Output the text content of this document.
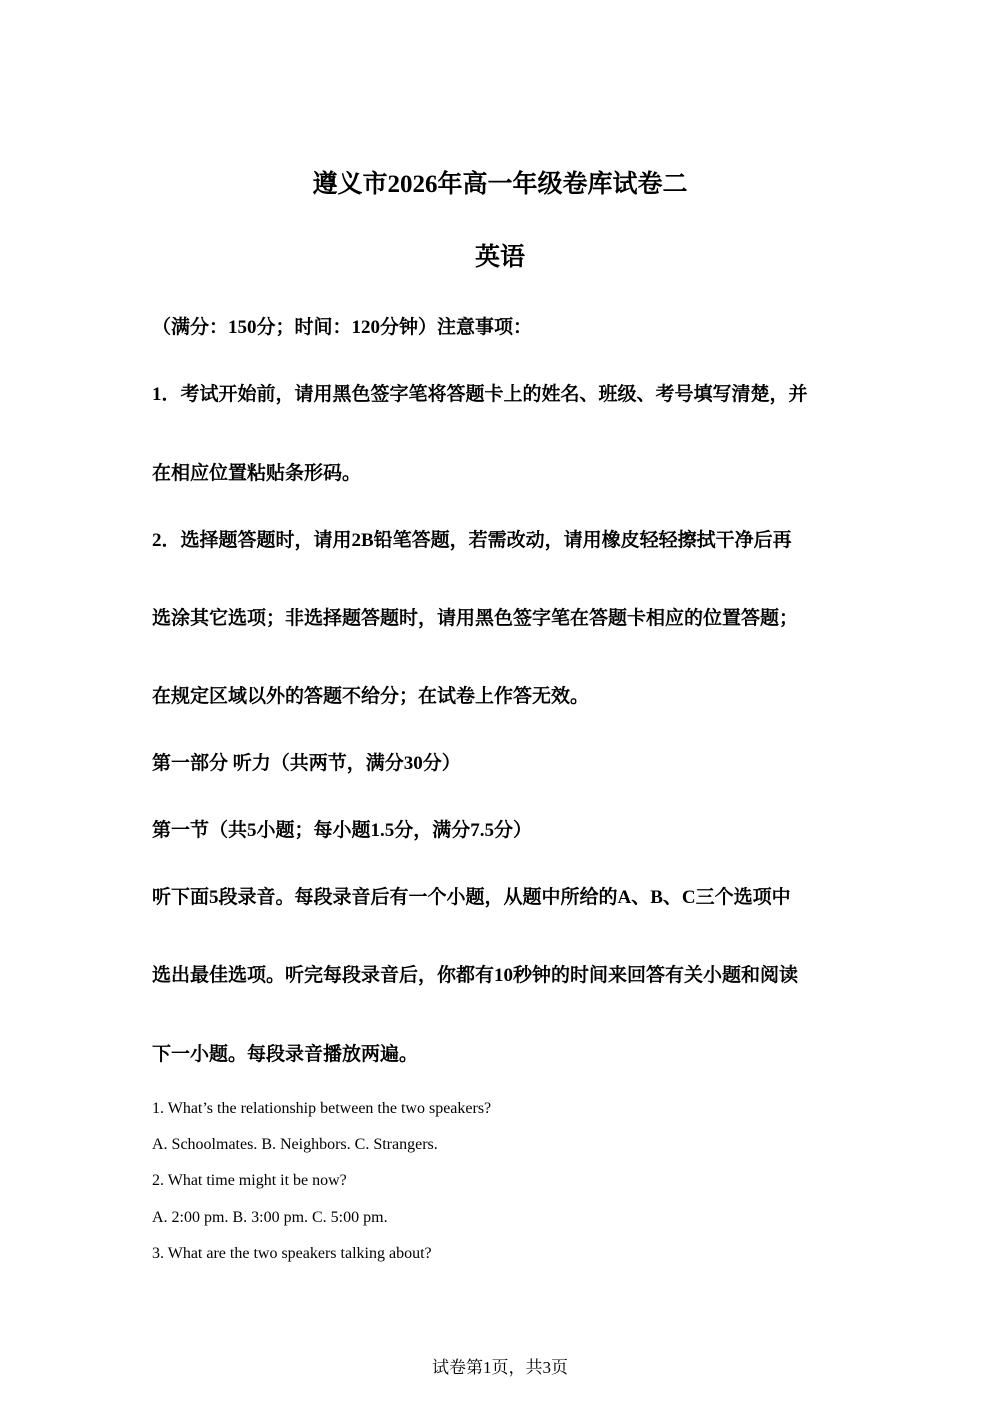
遵义市2026年高一年级卷库试卷二
英语
（满分：150分；时间：120分钟）注意事项：
1．考试开始前，请用黑色签字笔将答题卡上的姓名、班级、考号填写清楚，并
在相应位置粘贴条形码。
2．选择题答题时，请用2B铅笔答题，若需改动，请用橡皮轻轻擦拭干净后再
选涂其它选项；非选择题答题时，请用黑色签字笔在答题卡相应的位置答题；
在规定区域以外的答题不给分；在试卷上作答无效。
第一部分 听力（共两节，满分30分）
第一节（共5小题；每小题1.5分，满分7.5分）
听下面5段录音。每段录音后有一个小题，从题中所给的A、B、C三个选项中
选出最佳选项。听完每段录音后，你都有10秒钟的时间来回答有关小题和阅读
下一小题。每段录音播放两遍。
1. What’s the relationship between the two speakers?
A. Schoolmates. B. Neighbors. C. Strangers.
2. What time might it be now?
A. 2:00 pm. B. 3:00 pm. C. 5:00 pm.
3. What are the two speakers talking about?
试卷第1页，共3页
